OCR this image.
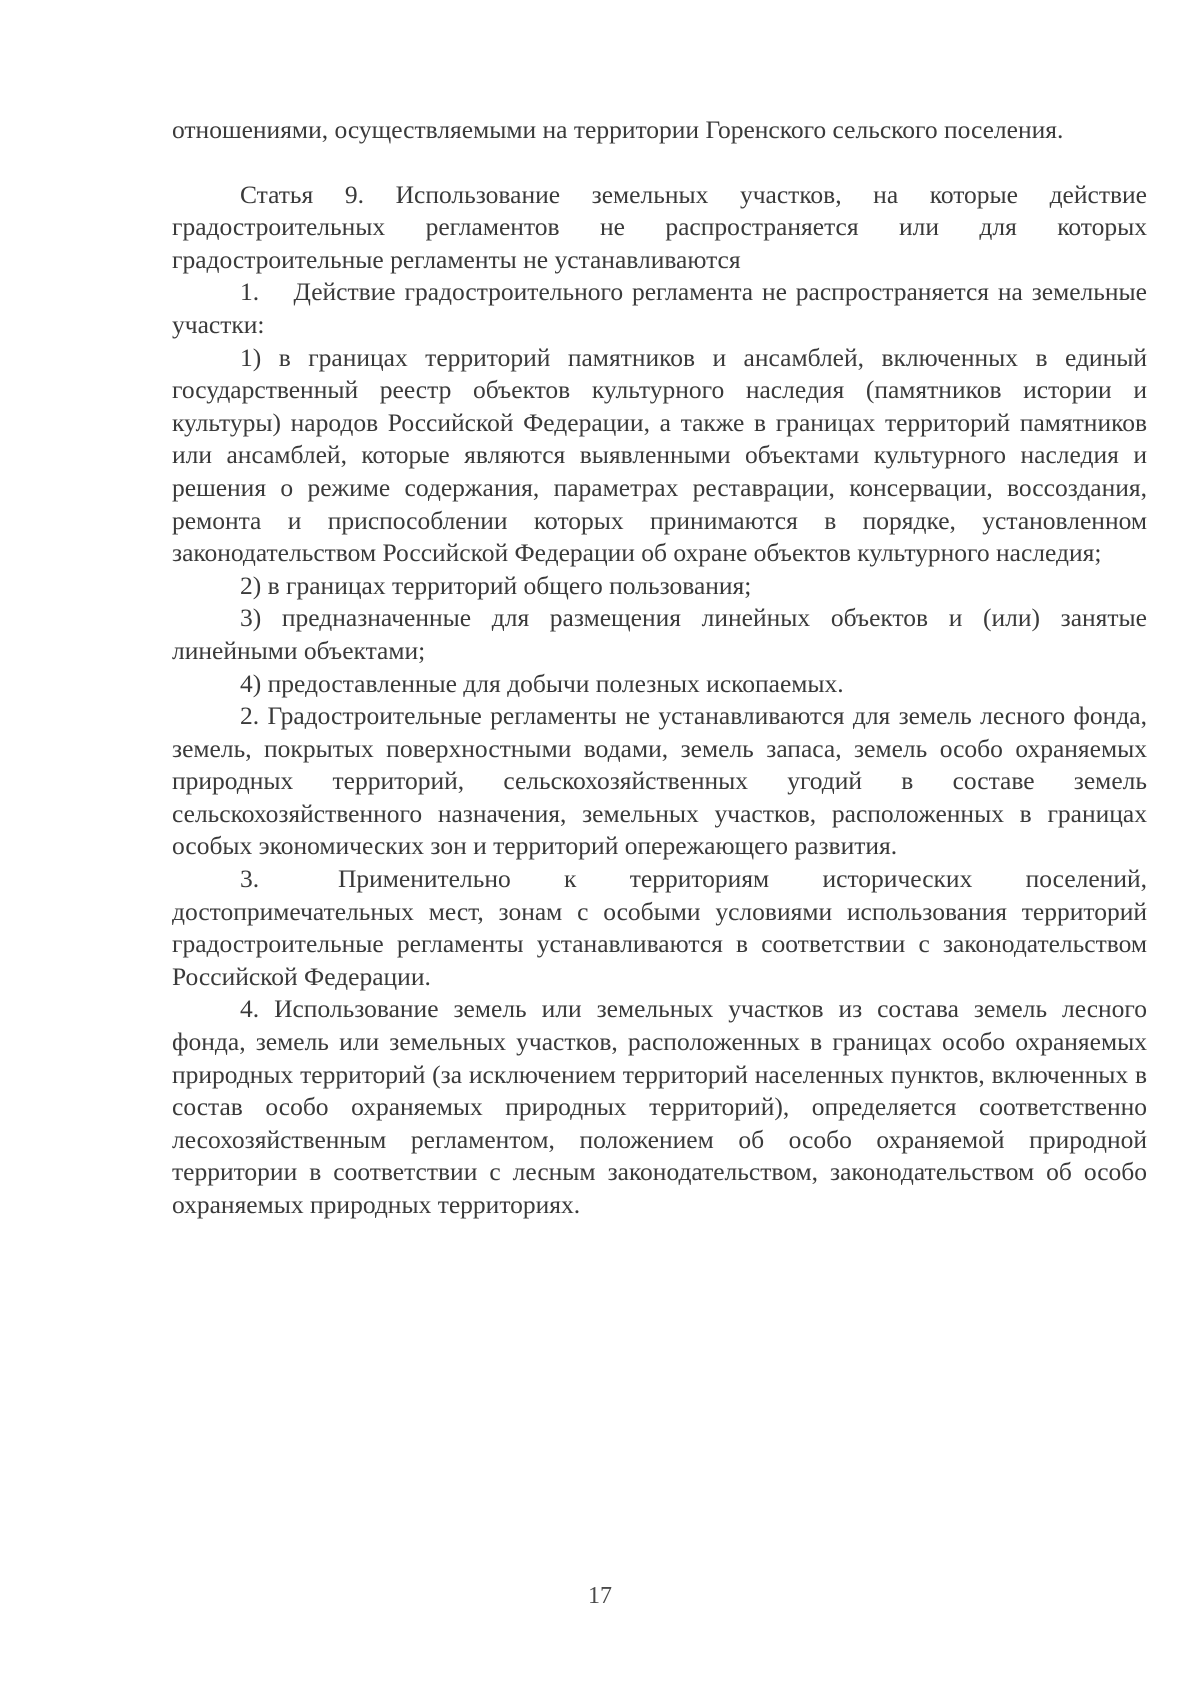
отношениями, осуществляемыми на территории Горенского сельского поселения.

Статья 9. Использование земельных участков, на которые действие градостроительных регламентов не распространяется или для которых градостроительные регламенты не устанавливаются

1.  Действие градостроительного регламента не распространяется на земельные участки:

1) в границах территорий памятников и ансамблей, включенных в единый государственный реестр объектов культурного наследия (памятников истории и культуры) народов Российской Федерации, а также в границах территорий памятников или ансамблей, которые являются выявленными объектами культурного наследия и решения о режиме содержания, параметрах реставрации, консервации, воссоздания, ремонта и приспособлении которых принимаются в порядке, установленном законодательством Российской Федерации об охране объектов культурного наследия;

2) в границах территорий общего пользования;

3) предназначенные для размещения линейных объектов и (или) занятые линейными объектами;

4) предоставленные для добычи полезных ископаемых.

2. Градостроительные регламенты не устанавливаются для земель лесного фонда, земель, покрытых поверхностными водами, земель запаса, земель особо охраняемых природных территорий, сельскохозяйственных угодий в составе земель сельскохозяйственного назначения, земельных участков, расположенных в границах особых экономических зон и территорий опережающего развития.

3.  Применительно к территориям исторических поселений, достопримечательных мест, зонам с особыми условиями использования территорий градостроительные регламенты устанавливаются в соответствии с законодательством Российской Федерации.

4. Использование земель или земельных участков из состава земель лесного фонда, земель или земельных участков, расположенных в границах особо охраняемых природных территорий (за исключением территорий населенных пунктов, включенных в состав особо охраняемых природных территорий), определяется соответственно лесохозяйственным регламентом, положением об особо охраняемой природной территории в соответствии с лесным законодательством, законодательством об особо охраняемых природных территориях.

17
